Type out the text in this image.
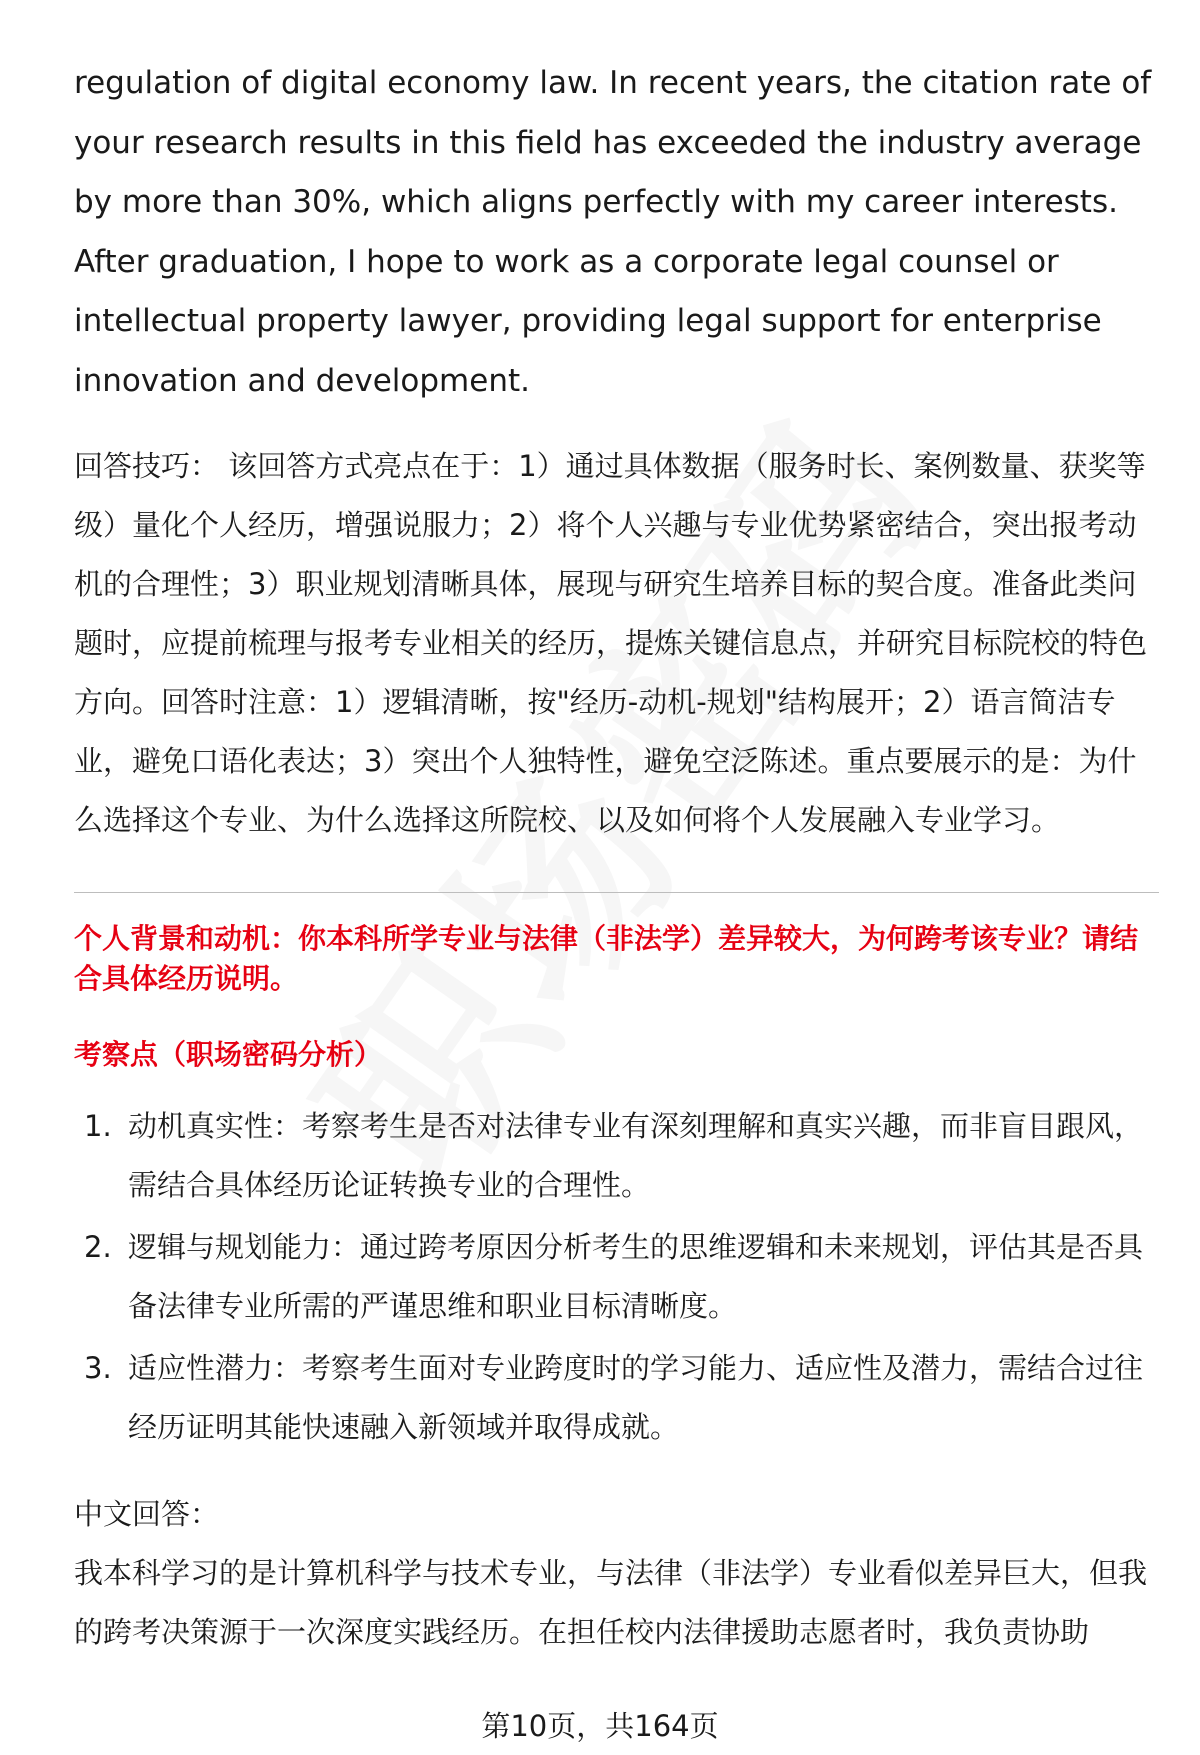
regulation of digital economy law. In recent years, the citation rate of your research results in this field has exceeded the industry average by more than 30%, which aligns perfectly with my career interests. After graduation, I hope to work as a corporate legal counsel or intellectual property lawyer, providing legal support for enterprise innovation and development.

回答技巧： 该回答方式亮点在于：1）通过具体数据（服务时长、案例数量、获奖等级）量化个人经历，增强说服力；2）将个人兴趣与专业优势紧密结合，突出报考动机的合理性；3）职业规划清晰具体，展现与研究生培养目标的契合度。准备此类问题时，应提前梳理与报考专业相关的经历，提炼关键信息点，并研究目标院校的特色方向。回答时注意：1）逻辑清晰，按"经历-动机-规划"结构展开；2）语言简洁专业，避免口语化表达；3）突出个人独特性，避免空泛陈述。重点要展示的是：为什么选择这个专业、为什么选择这所院校、以及如何将个人发展融入专业学习。

个人背景和动机：你本科所学专业与法律（非法学）差异较大，为何跨考该专业？请结合具体经历说明。
考察点（职场密码分析）
1. 动机真实性：考察考生是否对法律专业有深刻理解和真实兴趣，而非盲目跟风，需结合具体经历论证转换专业的合理性。
2. 逻辑与规划能力：通过跨考原因分析考生的思维逻辑和未来规划，评估其是否具备法律专业所需的严谨思维和职业目标清晰度。
3. 适应性潜力：考察考生面对专业跨度时的学习能力、适应性及潜力，需结合过往经历证明其能快速融入新领域并取得成就。
中文回答：

我本科学习的是计算机科学与技术专业，与法律（非法学）专业看似差异巨大，但我的跨考决策源于一次深度实践经历。在担任校内法律援助志愿者时，我负责协助

第10页，共164页
